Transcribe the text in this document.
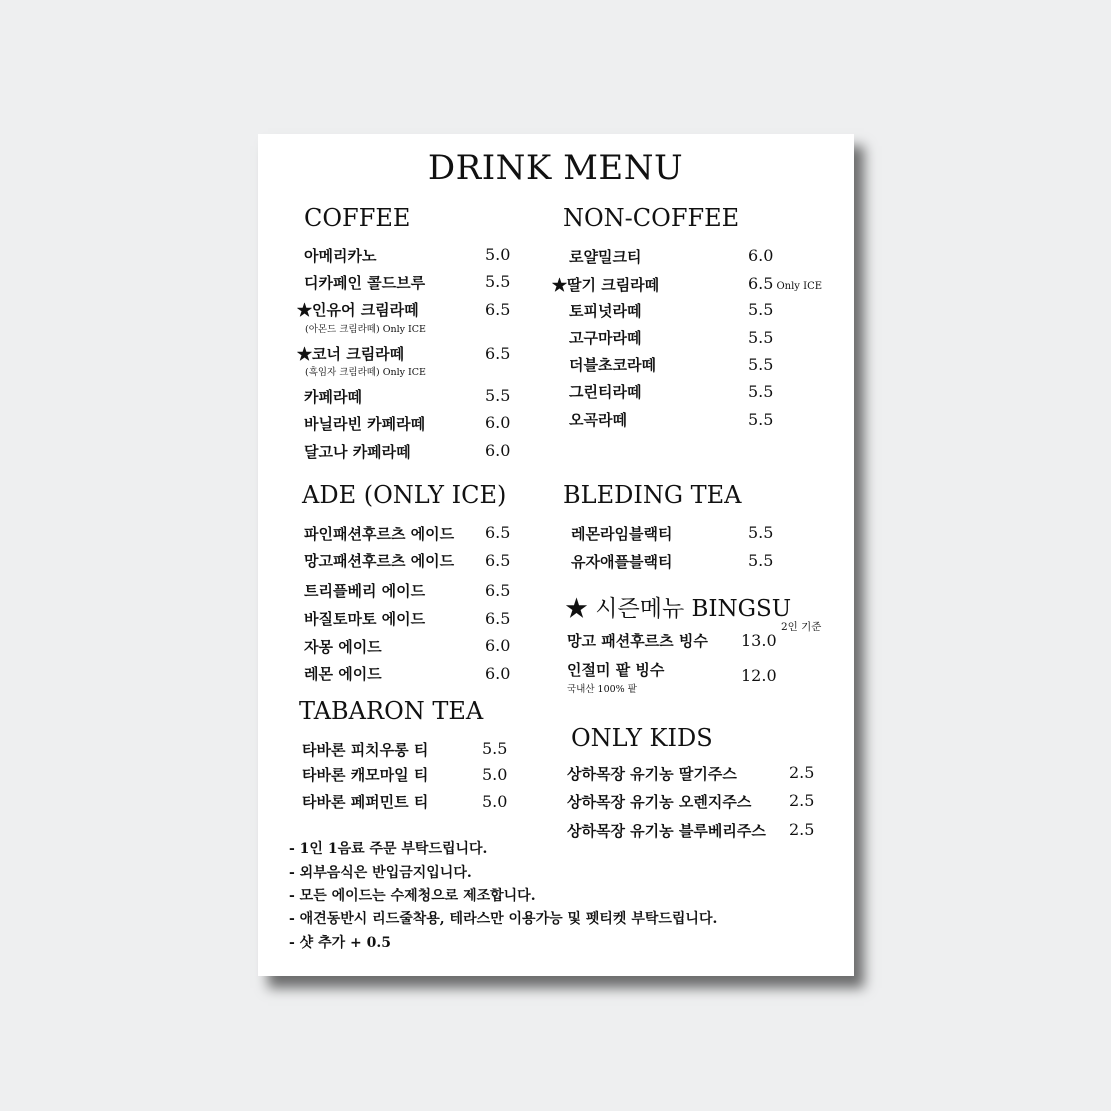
DRINK MENU
COFFEE
아메리카노	5.0
디카페인 콜드브루	5.5
★인유어 크림라떼	6.5
(아몬드 크림라떼) Only ICE
★코너 크림라떼	6.5
(흑임자 크림라떼) Only ICE
카페라떼	5.5
바닐라빈 카페라떼	6.0
달고나 카페라떼	6.0
NON-COFFEE
로얄밀크티	6.0
★딸기 크림라떼	6.5 Only ICE
토피넛라떼	5.5
고구마라떼	5.5
더블초코라떼	5.5
그린티라떼	5.5
오곡라떼	5.5
ADE (ONLY ICE)
파인패션후르츠 에이드 6.5
망고패션후르츠 에이드 6.5
트리플베리 에이드	6.5
바질토마토 에이드	6.5
자몽 에이드	6.0
레몬 에이드	6.0
BLEDING TEA
레몬라임블랙티	5.5
유자애플블랙티	5.5
★ 시즌메뉴 BINGSU
2인 기준
망고 패션후르츠 빙수 13.0
인절미 팥 빙수	12.0
국내산 100% 팥
TABARON TEA
타바론 피치우롱 티	5.5
타바론 캐모마일 티	5.0
타바론 페퍼민트 티	5.0
ONLY KIDS
상하목장 유기농 딸기주스	2.5
상하목장 유기농 오렌지주스 2.5
상하목장 유기농 블루베리주스 2.5
- 1인 1음료 주문 부탁드립니다.
- 외부음식은 반입금지입니다.
- 모든 에이드는 수제청으로 제조합니다.
- 애견동반시 리드줄착용, 테라스만 이용가능 및 펫티켓 부탁드립니다.
- 샷 추가 + 0.5
